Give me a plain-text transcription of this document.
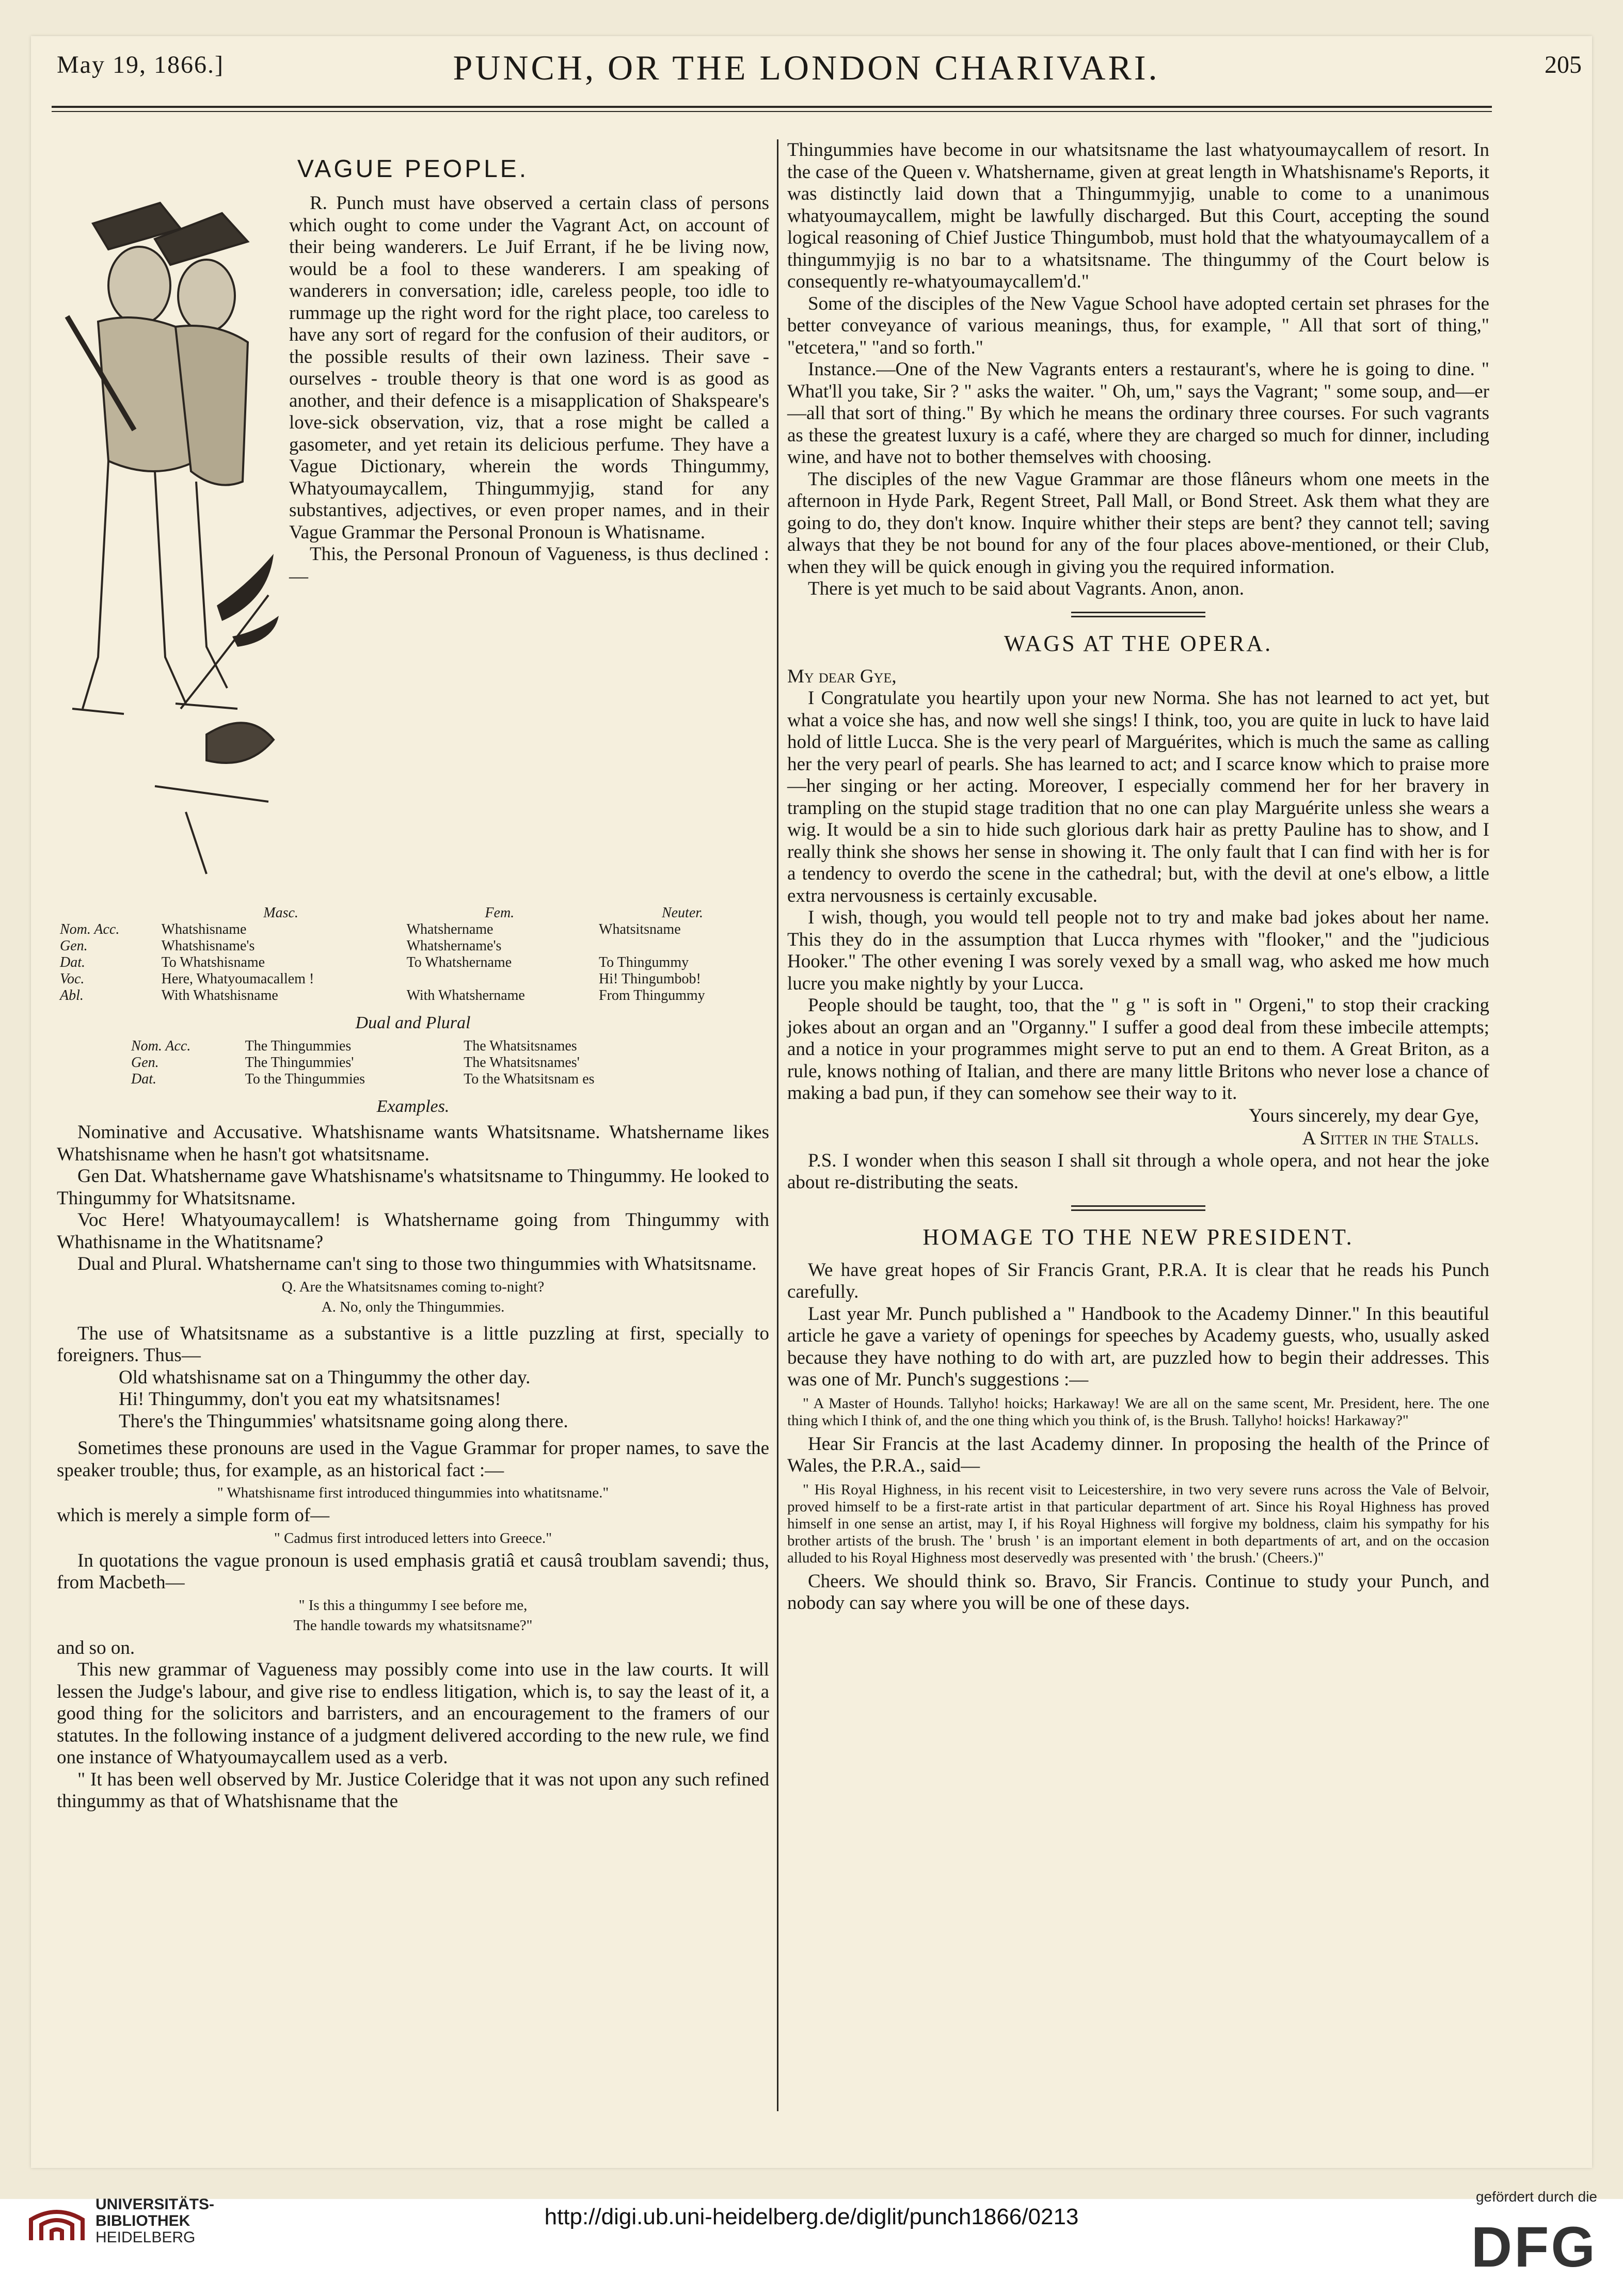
May 19, 1866.]	PUNCH, OR THE LONDON CHARIVARI.	205
VAGUE PEOPLE.

R. Punch must have observed a certain class of persons which ought to come under the Vagrant Act, on account of their being wanderers. Le Juif Errant, if he be living now, would be a fool to these wanderers. I am speaking of wanderers in conversation; idle, careless people, too idle to rummage up the right word for the right place, too careless to have any sort of regard for the confusion of their auditors, or the possible results of their own laziness. Their save - ourselves - trouble theory is that one word is as good as another, and their defence is a misapplication of Shakspeare's love-sick observation, viz, that a rose might be called a gasometer, and yet retain its delicious perfume. They have a Vague Dictionary, wherein the words Thingummy, Whatyoumaycallem, Thingummyjig, stand for any substantives, adjectives, or even proper names, and in their Vague Grammar the Personal Pronoun is Whatisname.

This, the Personal Pronoun of Vagueness, is thus declined :—

	Masc.	Fem.	Neuter.
Nom. Acc.	Whatshisname	Whatshername	Whatsitsname
Gen.	Whatshisname's	Whatshername's	
Dat.	To Whatshisname	To Whatshername	To Thingummy
Voc.	Here, Whatyoumacallem !		Hi! Thingumbob!
Abl.	With Whatshisname	With Whatshername	From Thingummy
Dual and Plural
Nom. Acc.	The Thingummies	The Whatsitsnames
Gen.	The Thingummies'	The Whatsitsnames'
Dat.	To the Thingummies	To the Whatsitsnam es
Examples.

Nominative and Accusative. Whatshisname wants Whatsitsname. Whatshername likes Whatshisname when he hasn't got whatsitsname.

Gen Dat. Whatshername gave Whatshisname's whatsitsname to Thingummy. He looked to Thingummy for Whatsitsname.

Voc Here! Whatyoumaycallem! is Whatshername going from Thingummy with Whathisname in the Whatitsname?

Dual and Plural. Whatshername can't sing to those two thingummies with Whatsitsname.

Q. Are the Whatsitsnames coming to-night?

A. No, only the Thingummies.

The use of Whatsitsname as a substantive is a little puzzling at first, specially to foreigners. Thus—

Old whatshisname sat on a Thingummy the other day.

Hi! Thingummy, don't you eat my whatsitsnames!

There's the Thingummies' whatsitsname going along there.

Sometimes these pronouns are used in the Vague Grammar for proper names, to save the speaker trouble; thus, for example, as an historical fact :—

" Whatshisname first introduced thingummies into whatitsname."

which is merely a simple form of—

" Cadmus first introduced letters into Greece."

In quotations the vague pronoun is used emphasis gratiâ et causâ troublam savendi; thus, from Macbeth—

" Is this a thingummy I see before me,

The handle towards my whatsitsname?"

and so on.

This new grammar of Vagueness may possibly come into use in the law courts. It will lessen the Judge's labour, and give rise to endless litigation, which is, to say the least of it, a good thing for the solicitors and barristers, and an encouragement to the framers of our statutes. In the following instance of a judgment delivered according to the new rule, we find one instance of Whatyoumaycallem used as a verb.

" It has been well observed by Mr. Justice Coleridge that it was not upon any such refined thingummy as that of Whatshisname that the

Thingummies have become in our whatsitsname the last whatyoumaycallem of resort. In the case of the Queen v. Whatshername, given at great length in Whatshisname's Reports, it was distinctly laid down that a Thingummyjig, unable to come to a unanimous whatyoumaycallem, might be lawfully discharged. But this Court, accepting the sound logical reasoning of Chief Justice Thingumbob, must hold that the whatyoumaycallem of a thingummyjig is no bar to a whatsitsname. The thingummy of the Court below is consequently re-whatyoumaycallem'd."

Some of the disciples of the New Vague School have adopted certain set phrases for the better conveyance of various meanings, thus, for example, " All that sort of thing," "etcetera," "and so forth."

Instance.—One of the New Vagrants enters a restaurant's, where he is going to dine. " What'll you take, Sir ? " asks the waiter. " Oh, um," says the Vagrant; " some soup, and—er—all that sort of thing." By which he means the ordinary three courses. For such vagrants as these the greatest luxury is a café, where they are charged so much for dinner, including wine, and have not to bother themselves with choosing.

The disciples of the new Vague Grammar are those flâneurs whom one meets in the afternoon in Hyde Park, Regent Street, Pall Mall, or Bond Street. Ask them what they are going to do, they don't know. Inquire whither their steps are bent? they cannot tell; saving always that they be not bound for any of the four places above-mentioned, or their Club, when they will be quick enough in giving you the required information.

There is yet much to be said about Vagrants. Anon, anon.

WAGS AT THE OPERA.

My dear Gye,

I Congratulate you heartily upon your new Norma. She has not learned to act yet, but what a voice she has, and now well she sings! I think, too, you are quite in luck to have laid hold of little Lucca. She is the very pearl of Marguérites, which is much the same as calling her the very pearl of pearls. She has learned to act; and I scarce know which to praise more—her singing or her acting. Moreover, I especially commend her for her bravery in trampling on the stupid stage tradition that no one can play Marguérite unless she wears a wig. It would be a sin to hide such glorious dark hair as pretty Pauline has to show, and I really think she shows her sense in showing it. The only fault that I can find with her is for a tendency to overdo the scene in the cathedral; but, with the devil at one's elbow, a little extra nervousness is certainly excusable.

I wish, though, you would tell people not to try and make bad jokes about her name. This they do in the assumption that Lucca rhymes with "flooker," and the "judicious Hooker." The other evening I was sorely vexed by a small wag, who asked me how much lucre you make nightly by your Lucca.

People should be taught, too, that the " g " is soft in " Orgeni," to stop their cracking jokes about an organ and an "Organny." I suffer a good deal from these imbecile attempts; and a notice in your programmes might serve to put an end to them. A Great Briton, as a rule, knows nothing of Italian, and there are many little Britons who never lose a chance of making a bad pun, if they can somehow see their way to it.

Yours sincerely, my dear Gye,
A Sitter in the Stalls.

P.S. I wonder when this season I shall sit through a whole opera, and not hear the joke about re-distributing the seats.

HOMAGE TO THE NEW PRESIDENT.

We have great hopes of Sir Francis Grant, P.R.A. It is clear that he reads his Punch carefully.

Last year Mr. Punch published a " Handbook to the Academy Dinner." In this beautiful article he gave a variety of openings for speeches by Academy guests, who, usually asked because they have nothing to do with art, are puzzled how to begin their addresses. This was one of Mr. Punch's suggestions :—

" A Master of Hounds. Tallyho! hoicks; Harkaway! We are all on the same scent, Mr. President, here. The one thing which I think of, and the one thing which you think of, is the Brush. Tallyho! hoicks! Harkaway?"

Hear Sir Francis at the last Academy dinner. In proposing the health of the Prince of Wales, the P.R.A., said—

" His Royal Highness, in his recent visit to Leicestershire, in two very severe runs across the Vale of Belvoir, proved himself to be a first-rate artist in that particular department of art. Since his Royal Highness has proved himself in one sense an artist, may I, if his Royal Highness will forgive my boldness, claim his sympathy for his brother artists of the brush. The ' brush ' is an important element in both departments of art, and on the occasion alluded to his Royal Highness most deservedly was presented with ' the brush.' (Cheers.)"

Cheers. We should think so. Bravo, Sir Francis. Continue to study your Punch, and nobody can say where you will be one of these days.

UNIVERSITÄTS-
BIBLIOTHEK
HEIDELBERG
http://digi.ub.uni-heidelberg.de/diglit/punch1866/0213
gefördert durch die
DFG
